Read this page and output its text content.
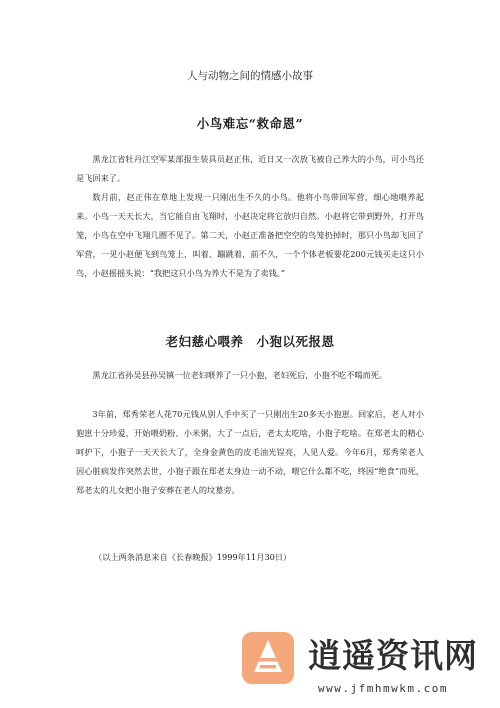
人与动物之间的情感小故事
小鸟难忘“救命恩”

黑龙江省牡丹江空军某部报生装具员赵正伟，近日又一次放飞被自己养大的小鸟，可小鸟还是飞回来了。

数月前，赵正伟在草地上发现一只刚出生不久的小鸟。他将小鸟带回军营，细心地喂养起来。小鸟一天天长大，当它能自由飞翔时，小赵决定将它放归自然。小赵将它带到野外，打开鸟笼，小鸟在空中飞翔几圈不见了。第二天，小赵正准备把空空的鸟笼扔掉时，那只小鸟却飞回了军营，一见小赵便飞到鸟笼上，叫着、蹦跳着，前不久，一个个体老板要花200元钱买走这只小鸟，小赵摇摇头说：“我把这只小鸟为养大不是为了卖钱。”

老妇慈心喂养　小狍以死报恩

黑龙江省孙吴县孙吴镇一位老妇喂养了一只小狍，老妇死后，小狍不吃不喝而死。

3年前，郑秀荣老人花70元钱从别人手中买了一只刚出生20多天小狍崽。回家后，老人对小狍崽十分珍爱，开始喂奶粉、小米粥，大了一点后，老太太吃啥，小狍子吃啥。在郑老太的精心呵护下，小狍子一天天长大了，全身金黄色的皮毛油光锃亮，人见人爱。今年6月，郑秀荣老人因心脏病发作突然去世，小狍子跟在郑老太身边一动不动，喂它什么都不吃，终因“绝食”而死，郑老太的儿女把小狍子安葬在老人的坟墓旁。

（以上两条消息来自《长春晚报》1999年11月30日）
逍遥资讯网
www.jfmhmwkm.com
